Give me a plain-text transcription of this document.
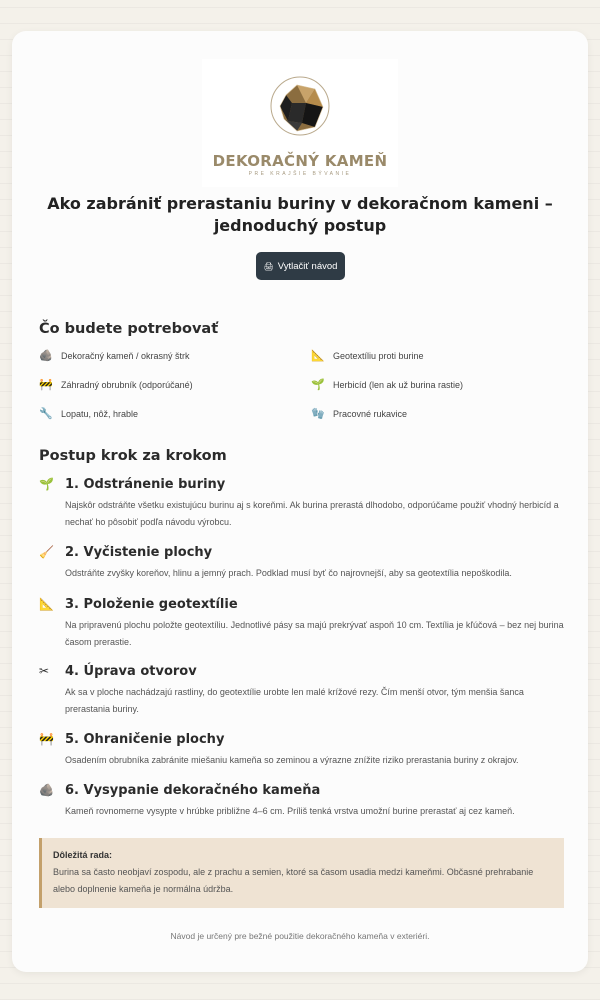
DEKORAČNÝ KAMEŇ
PRE KRAJŠIE BÝVANIE
Ako zabrániť prerastaniu buriny v dekoračnom kameni – jednoduchý postup
🖨 Vytlačiť návod
Čo budete potrebovať
🪨 Dekoračný kameň / okrasný štrk	📐 Geotextíliu proti burine
🚧 Záhradný obrubník (odporúčané)	🌱 Herbicíd (len ak už burina rastie)
🔧 Lopatu, nôž, hrable	🧤 Pracovné rukavice
Postup krok za krokom
🌱 1. Odstránenie buriny

Najskôr odstráňte všetku existujúcu burinu aj s koreňmi. Ak burina prerastá dlhodobo, odporúčame použiť vhodný herbicíd a nechať ho pôsobiť podľa návodu výrobcu.

🧹 2. Vyčistenie plochy

Odstráňte zvyšky koreňov, hlinu a jemný prach. Podklad musí byť čo najrovnejší, aby sa geotextília nepoškodila.

📐 3. Položenie geotextílie

Na pripravenú plochu položte geotextíliu. Jednotlivé pásy sa majú prekrývať aspoň 10 cm. Textília je kľúčová – bez nej burina časom prerastie.

✂	4. Úprava otvorov

Ak sa v ploche nachádzajú rastliny, do geotextílie urobte len malé krížové rezy. Čím menší otvor, tým menšia šanca prerastania buriny.

🚧 5. Ohraničenie plochy

Osadením obrubníka zabránite miešaniu kameňa so zeminou a výrazne znížite riziko prerastania buriny z okrajov.

🪨 6. Vysypanie dekoračného kameňa

Kameň rovnomerne vysypte v hrúbke približne 4–6 cm. Príliš tenká vrstva umožní burine prerastať aj cez kameň.

Dôležitá rada:
Burina sa často neobjaví zospodu, ale z prachu a semien, ktoré sa časom usadia medzi kameňmi. Občasné prehrabanie alebo doplnenie kameňa je normálna údržba.
Návod je určený pre bežné použitie dekoračného kameňa v exteriéri.
